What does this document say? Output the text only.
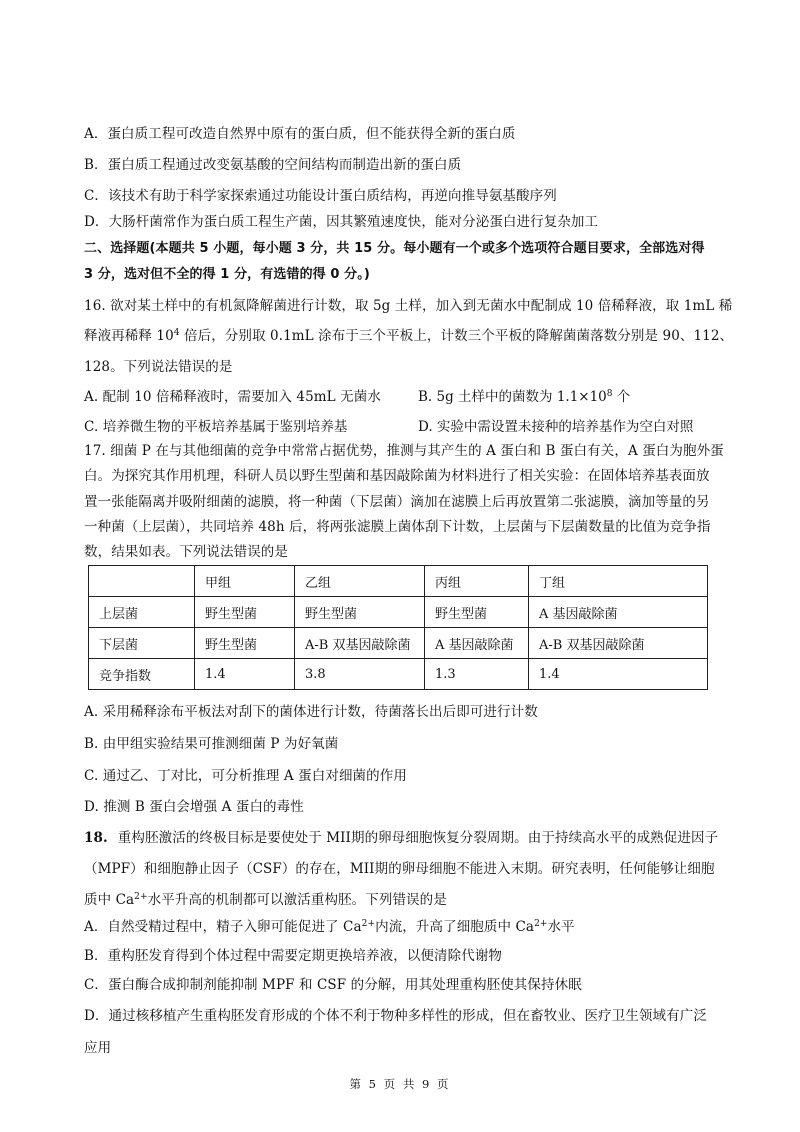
A．蛋白质工程可改造自然界中原有的蛋白质，但不能获得全新的蛋白质
B．蛋白质工程通过改变氨基酸的空间结构而制造出新的蛋白质
C．该技术有助于科学家探索通过功能设计蛋白质结构，再逆向推导氨基酸序列
D．大肠杆菌常作为蛋白质工程生产菌，因其繁殖速度快，能对分泌蛋白进行复杂加工
二、选择题(本题共 5 小题，每小题 3 分，共 15 分。每小题有一个或多个选项符合题目要求，全部选对得
3 分，选对但不全的得 1 分，有选错的得 0 分。)
16. 欲对某土样中的有机氮降解菌进行计数，取 5g 土样，加入到无菌水中配制成 10 倍稀释液，取 1mL 稀
释液再稀释 $10^4$ 倍后，分别取 0.1mL 涂布于三个平板上，计数三个平板的降解菌菌落数分别是 90、112、
128。下列说法错误的是
A. 配制 10 倍稀释液时，需要加入 45mL 无菌水	B. 5g 土样中的菌数为 $1.1\times 10^8$ 个
C. 培养微生物的平板培养基属于鉴别培养基	D. 实验中需设置未接种的培养基作为空白对照
17. 细菌 P 在与其他细菌的竞争中常常占据优势，推测与其产生的 A 蛋白和 B 蛋白有关，A 蛋白为胞外蛋
白。为探究其作用机理，科研人员以野生型菌和基因敲除菌为材料进行了相关实验：在固体培养基表面放
置一张能隔离并吸附细菌的滤膜，将一种菌（下层菌）滴加在滤膜上后再放置第二张滤膜，滴加等量的另
一种菌（上层菌），共同培养 48h 后，将两张滤膜上菌体刮下计数，上层菌与下层菌数量的比值为竞争指
数，结果如表。下列说法错误的是
	甲组	乙组	丙组	丁组
上层菌	野生型菌	野生型菌	野生型菌	A 基因敲除菌
下层菌	野生型菌	A-B 双基因敲除菌	A 基因敲除菌	A-B 双基因敲除菌
竞争指数	1.4	3.8	1.3	1.4
A. 采用稀释涂布平板法对刮下的菌体进行计数，待菌落长出后即可进行计数
B. 由甲组实验结果可推测细菌 P 为好氧菌
C. 通过乙、丁对比，可分析推理 A 蛋白对细菌的作用
D. 推测 B 蛋白会增强 A 蛋白的毒性
18. 重构胚激活的终极目标是要使处于 MII期的卵母细胞恢复分裂周期。由于持续高水平的成熟促进因子
（MPF）和细胞静止因子（CSF）的存在，MII期的卵母细胞不能进入末期。研究表明，任何能够让细胞
质中 $Ca^{2+}$水平升高的机制都可以激活重构胚。下列错误的是
A．自然受精过程中，精子入卵可能促进了 $Ca^{2+}$内流，升高了细胞质中 $Ca^{2+}$水平
B．重构胚发育得到个体过程中需要定期更换培养液，以便清除代谢物
C．蛋白酶合成抑制剂能抑制 MPF 和 CSF 的分解，用其处理重构胚使其保持休眠
D．通过核移植产生重构胚发育形成的个体不利于物种多样性的形成，但在畜牧业、医疗卫生领域有广泛
应用
第 5 页 共 9 页
